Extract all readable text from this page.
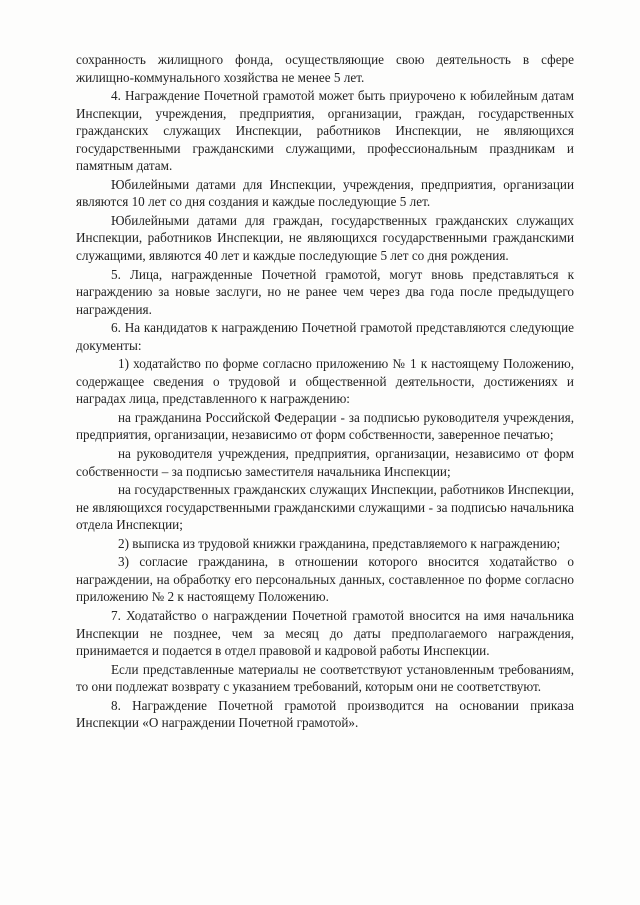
сохранность жилищного фонда, осуществляющие свою деятельность в сфере жилищно-коммунального хозяйства не менее 5 лет.

4. Награждение Почетной грамотой может быть приурочено к юбилейным датам Инспекции, учреждения, предприятия, организации, граждан, государственных гражданских служащих Инспекции, работников Инспекции, не являющихся государственными гражданскими служащими, профессиональным праздникам и памятным датам.

Юбилейными датами для Инспекции, учреждения, предприятия, организации являются 10 лет со дня создания и каждые последующие 5 лет.

Юбилейными датами для граждан, государственных гражданских служащих Инспекции, работников Инспекции, не являющихся государственными гражданскими служащими, являются 40 лет и каждые последующие 5 лет со дня рождения.

5. Лица, награжденные Почетной грамотой, могут вновь представляться к награждению за новые заслуги, но не ранее чем через два года после предыдущего награждения.

6. На кандидатов к награждению Почетной грамотой представляются следующие документы:

1) ходатайство по форме согласно приложению № 1 к настоящему Положению, содержащее сведения о трудовой и общественной деятельности, достижениях и наградах лица, представленного к награждению:

на гражданина Российской Федерации - за подписью руководителя учреждения, предприятия, организации, независимо от форм собственности, заверенное печатью;

на руководителя учреждения, предприятия, организации, независимо от форм собственности – за подписью заместителя начальника Инспекции;

на государственных гражданских служащих Инспекции, работников Инспекции, не являющихся государственными гражданскими служащими - за подписью начальника отдела Инспекции;

2) выписка из трудовой книжки гражданина, представляемого к награждению;

3) согласие гражданина, в отношении которого вносится ходатайство о награждении, на обработку его персональных данных, составленное по форме согласно приложению № 2 к настоящему Положению.

7. Ходатайство о награждении Почетной грамотой вносится на имя начальника Инспекции не позднее, чем за месяц до даты предполагаемого награждения, принимается и подается в отдел правовой и кадровой работы Инспекции.

Если представленные материалы не соответствуют установленным требованиям, то они подлежат возврату с указанием требований, которым они не соответствуют.

8. Награждение Почетной грамотой производится на основании приказа Инспекции «О награждении Почетной грамотой».
